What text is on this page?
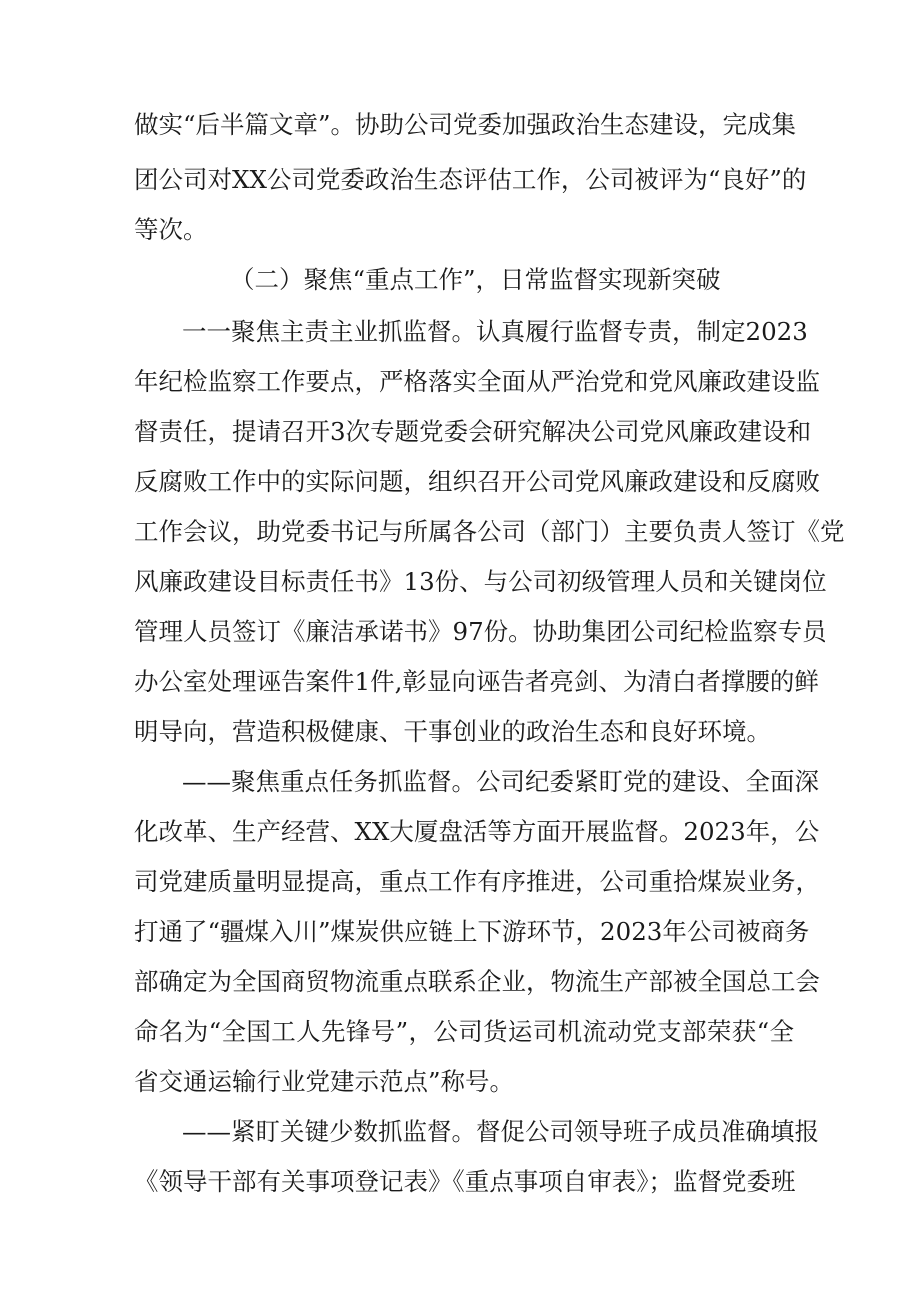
做实“后半篇文章”。协助公司党委加强政治生态建设，完成集
团公司对XX公司党委政治生态评估工作，公司被评为“良好”的
等次。
（二）聚焦“重点工作”，日常监督实现新突破
一一聚焦主责主业抓监督。认真履行监督专责，制定2023
年纪检监察工作要点，严格落实全面从严治党和党风廉政建设监
督责任，提请召开3次专题党委会研究解决公司党风廉政建设和
反腐败工作中的实际问题，组织召开公司党风廉政建设和反腐败
工作会议，助党委书记与所属各公司（部门）主要负责人签订《党
风廉政建设目标责任书》13份、与公司初级管理人员和关键岗位
管理人员签订《廉洁承诺书》97份。协助集团公司纪检监察专员
办公室处理诬告案件1件,彰显向诬告者亮剑、为清白者撑腰的鲜
明导向，营造积极健康、干事创业的政治生态和良好环境。
——聚焦重点任务抓监督。公司纪委紧盯党的建设、全面深
化改革、生产经营、XX大厦盘活等方面开展监督。2023年，公
司党建质量明显提高，重点工作有序推进，公司重拾煤炭业务，
打通了“疆煤入川”煤炭供应链上下游环节，2023年公司被商务
部确定为全国商贸物流重点联系企业，物流生产部被全国总工会
命名为“全国工人先锋号”，公司货运司机流动党支部荣获“全
省交通运输行业党建示范点”称号。
——紧盯关键少数抓监督。督促公司领导班子成员准确填报
《领导干部有关事项登记表》《重点事项自审表》；监督党委班
